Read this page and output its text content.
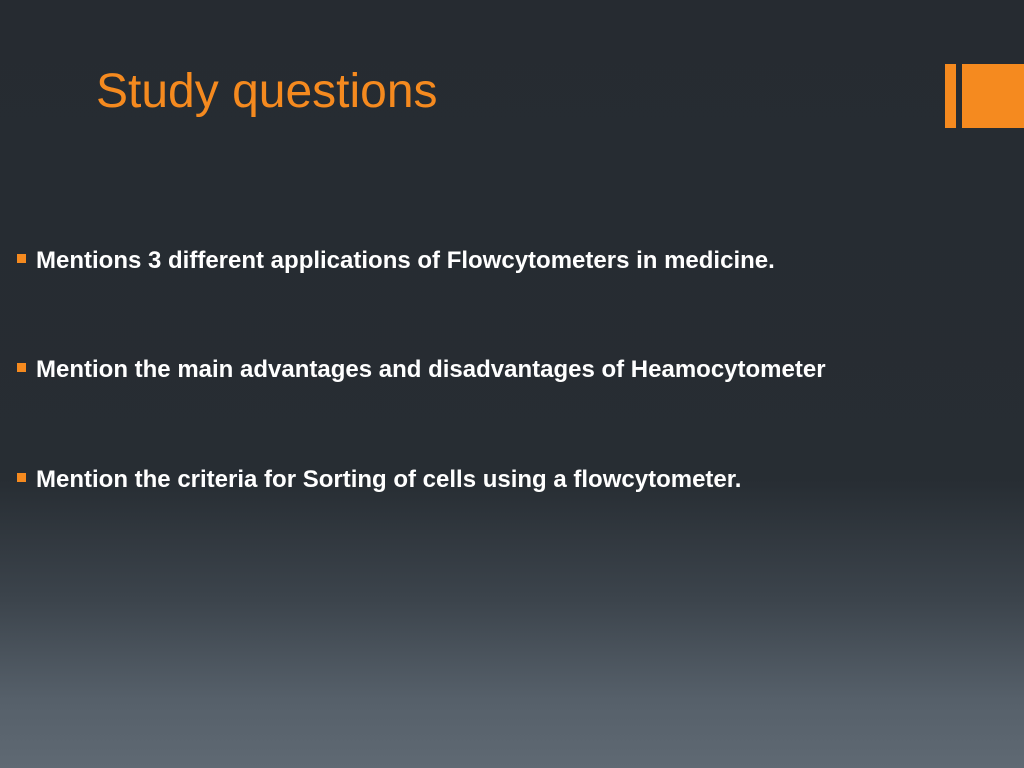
Study questions
Mentions 3 different applications of Flowcytometers in medicine.
Mention the main advantages and disadvantages of Heamocytometer
Mention the criteria for Sorting of cells using a flowcytometer.
